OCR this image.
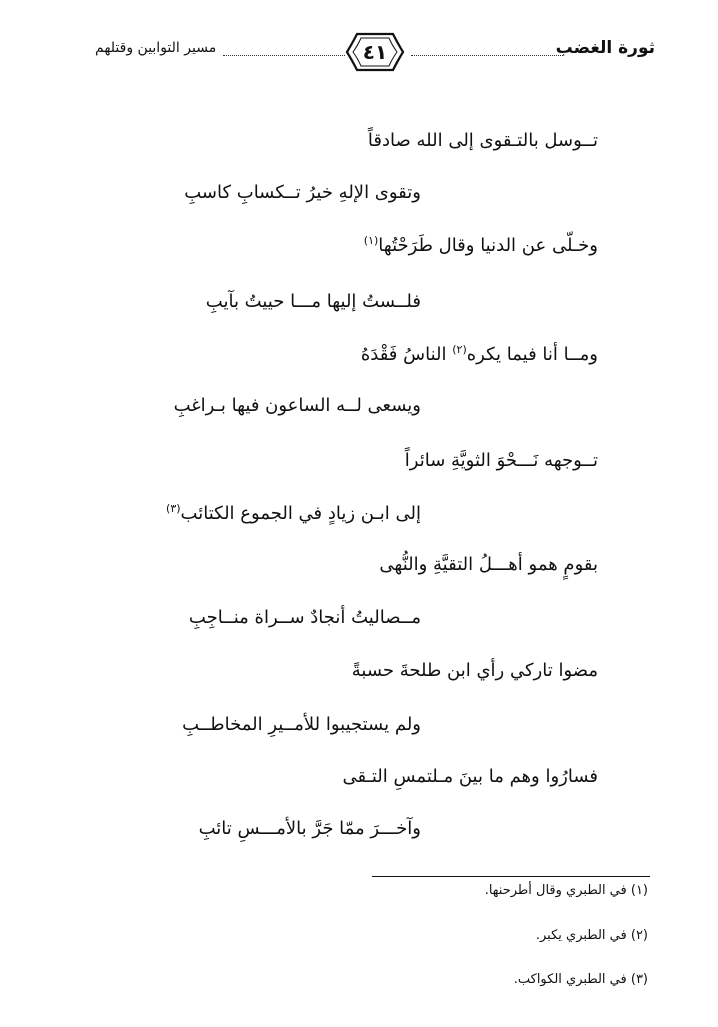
ثورة الغضب
٤١
مسير التوابين وقتلهم
تــوسل بالتـقوى إلى الله صادقاً
وتقوى الإلهِ خيرُ تــكسابِ كاسبِ
وخـلّى عن الدنيا وقال طَرَحْتُها$^{(١)}$
فلــستُ إليها مـــا حييتُ بآيبِ
ومــا أنا فيما يكره$^{(٢)}$ الناسُ فَقْدَهُ
ويسعى لــه الساعون فيها بـراغبِ
تــوجهه نَـــحْوَ الثويَّةِ سائراً
إلى ابـن زيادٍ في الجموع الكتائب$^{(٣)}$
بقومٍ همو أهـــلُ التقيَّةِ والنُّهى
مــصاليتُ أنجادٌ ســراة منــاجِبِ
مضوا تاركي رأي ابن طلحةَ حسبةً
ولم يستجيبوا للأمــيرِ المخاطــبِ
فسارُوا وهم ما بينَ مـلتمسِ التـقى
وآخـــرَ ممّا جَرَّ بالأمـــسِ تائبِ
(١) في الطبري وقال أطرحنها.
(٢) في الطبري يكبر.
(٣) في الطبري الكواكب.
